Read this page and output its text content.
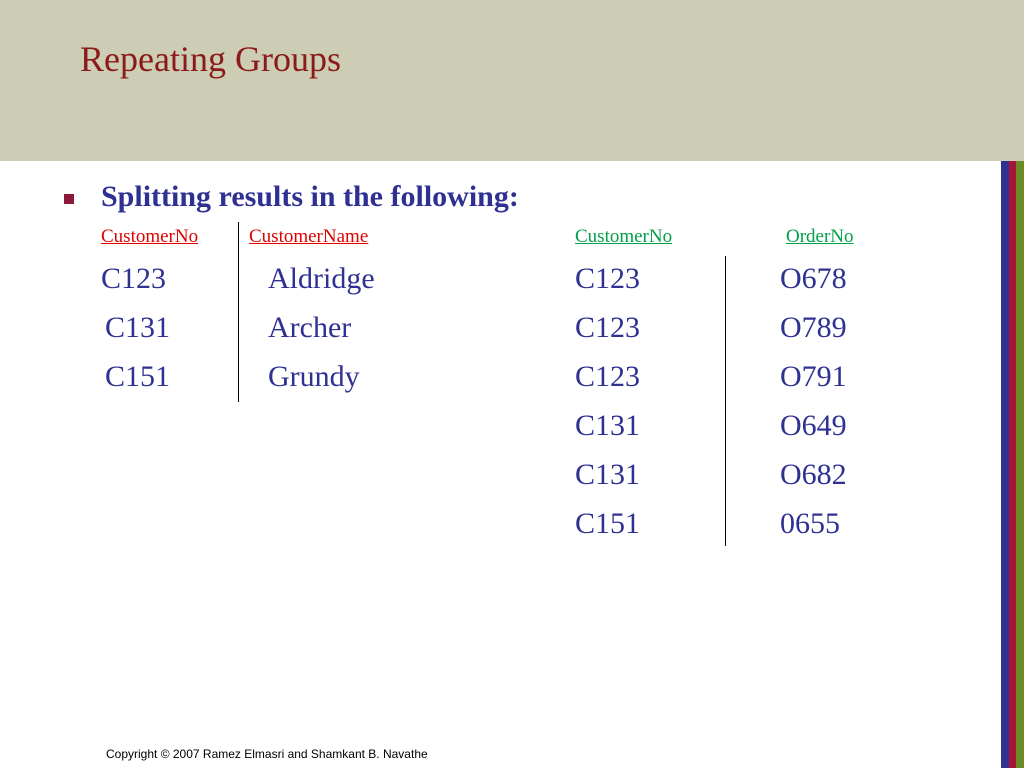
Repeating Groups
Splitting results in the following:
CustomerNo	CustomerName
C123	Aldridge
C131	Archer
C151	Grundy
CustomerNo	OrderNo
C123	O678
C123	O789
C123	O791
C131	O649
C131	O682
C151	0655
Copyright © 2007 Ramez Elmasri and Shamkant B. Navathe
